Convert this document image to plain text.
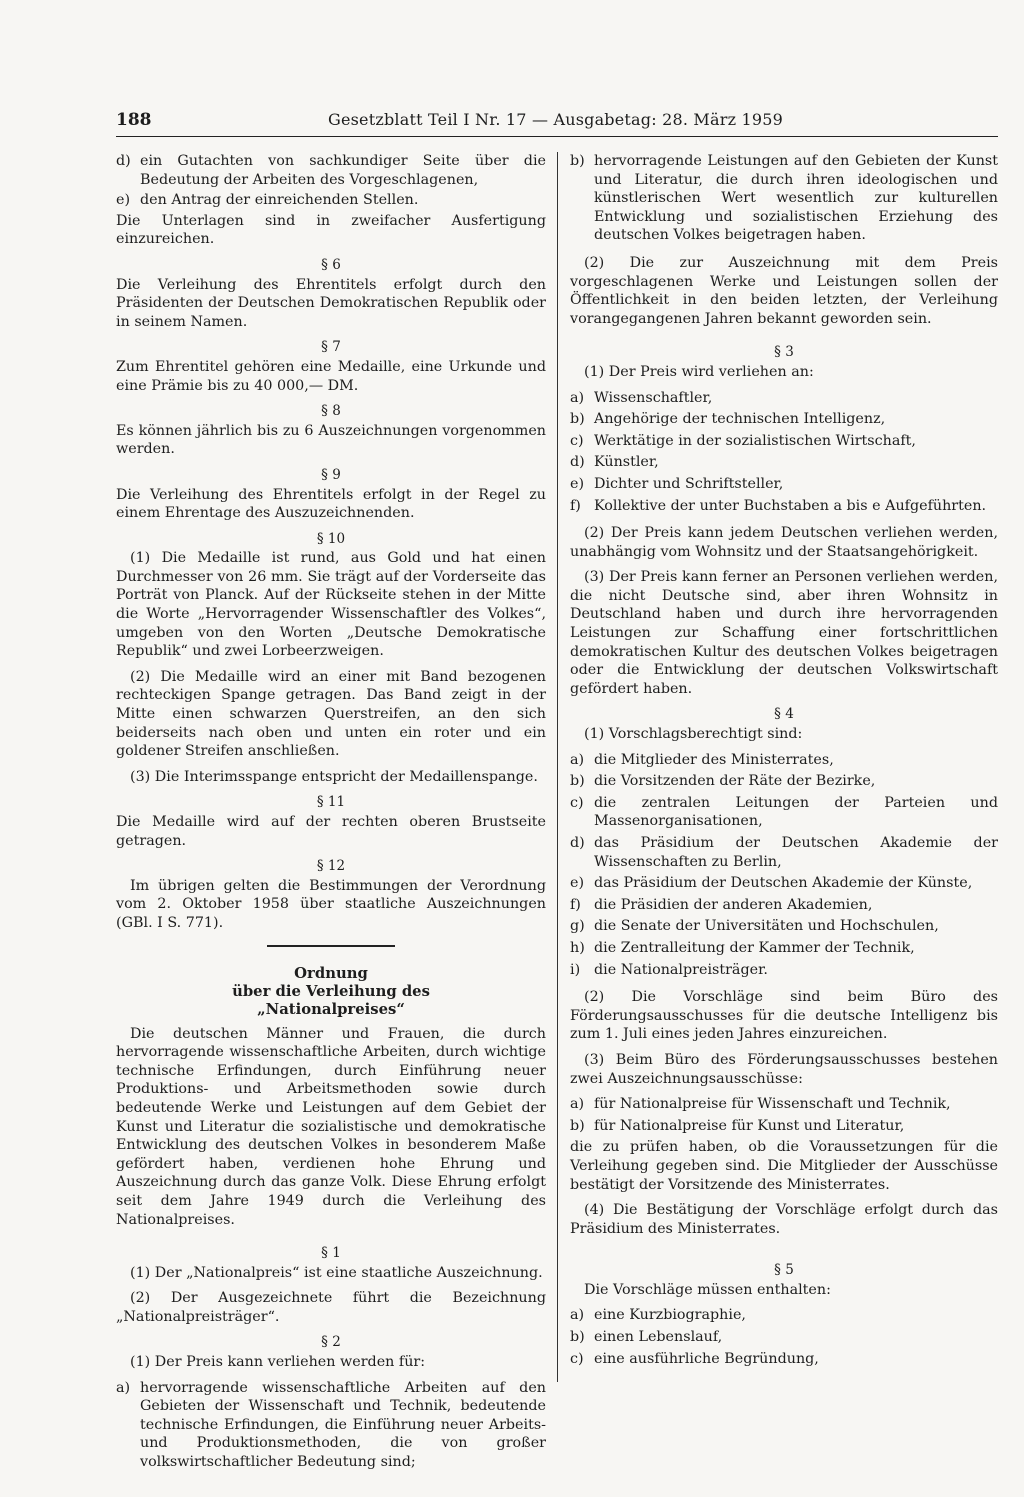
188	Gesetzblatt Teil I Nr. 17 — Ausgabetag: 28. März 1959
d) ein Gutachten von sachkundiger Seite über die Bedeutung der Arbeiten des Vorgeschlagenen,
e) den Antrag der einreichenden Stellen.

Die Unterlagen sind in zweifacher Ausfertigung einzureichen.

§ 6

Die Verleihung des Ehrentitels erfolgt durch den Präsidenten der Deutschen Demokratischen Republik oder in seinem Namen.

§ 7

Zum Ehrentitel gehören eine Medaille, eine Urkunde und eine Prämie bis zu 40 000,— DM.

§ 8

Es können jährlich bis zu 6 Auszeichnungen vorgenommen werden.

§ 9

Die Verleihung des Ehrentitels erfolgt in der Regel zu einem Ehrentage des Auszuzeichnenden.

§ 10

(1) Die Medaille ist rund, aus Gold und hat einen Durchmesser von 26 mm. Sie trägt auf der Vorderseite das Porträt von Planck. Auf der Rückseite stehen in der Mitte die Worte „Hervorragender Wissenschaftler des Volkes“, umgeben von den Worten „Deutsche Demokratische Republik“ und zwei Lorbeerzweigen.

(2) Die Medaille wird an einer mit Band bezogenen rechteckigen Spange getragen. Das Band zeigt in der Mitte einen schwarzen Querstreifen, an den sich beiderseits nach oben und unten ein roter und ein goldener Streifen anschließen.

(3) Die Interimsspange entspricht der Medaillenspange.

§ 11

Die Medaille wird auf der rechten oberen Brustseite getragen.

§ 12

Im übrigen gelten die Bestimmungen der Verordnung vom 2. Oktober 1958 über staatliche Auszeichnungen (GBl. I S. 771).

Ordnung
über die Verleihung des
„Nationalpreises“

Die deutschen Männer und Frauen, die durch hervorragende wissenschaftliche Arbeiten, durch wichtige technische Erfindungen, durch Einführung neuer Produktions- und Arbeitsmethoden sowie durch bedeutende Werke und Leistungen auf dem Gebiet der Kunst und Literatur die sozialistische und demokratische Entwicklung des deutschen Volkes in besonderem Maße gefördert haben, verdienen hohe Ehrung und Auszeichnung durch das ganze Volk. Diese Ehrung erfolgt seit dem Jahre 1949 durch die Verleihung des Nationalpreises.

§ 1

(1) Der „Nationalpreis“ ist eine staatliche Auszeichnung.

(2) Der Ausgezeichnete führt die Bezeichnung „Nationalpreisträger“.

§ 2

(1) Der Preis kann verliehen werden für:

a) hervorragende wissenschaftliche Arbeiten auf den Gebieten der Wissenschaft und Technik, bedeutende technische Erfindungen, die Einführung neuer Arbeits- und Produktionsmethoden, die von großer volkswirtschaftlicher Bedeutung sind;
b) hervorragende Leistungen auf den Gebieten der Kunst und Literatur, die durch ihren ideologischen und künstlerischen Wert wesentlich zur kulturellen Entwicklung und sozialistischen Erziehung des deutschen Volkes beigetragen haben.

(2) Die zur Auszeichnung mit dem Preis vorgeschlagenen Werke und Leistungen sollen der Öffentlichkeit in den beiden letzten, der Verleihung vorangegangenen Jahren bekannt geworden sein.

§ 3

(1) Der Preis wird verliehen an:

a) Wissenschaftler,
b) Angehörige der technischen Intelligenz,
c) Werktätige in der sozialistischen Wirtschaft,
d) Künstler,
e) Dichter und Schriftsteller,
f) Kollektive der unter Buchstaben a bis e Aufgeführten.

(2) Der Preis kann jedem Deutschen verliehen werden, unabhängig vom Wohnsitz und der Staatsangehörigkeit.

(3) Der Preis kann ferner an Personen verliehen werden, die nicht Deutsche sind, aber ihren Wohnsitz in Deutschland haben und durch ihre hervorragenden Leistungen zur Schaffung einer fortschrittlichen demokratischen Kultur des deutschen Volkes beigetragen oder die Entwicklung der deutschen Volkswirtschaft gefördert haben.

§ 4

(1) Vorschlagsberechtigt sind:

a) die Mitglieder des Ministerrates,
b) die Vorsitzenden der Räte der Bezirke,
c) die zentralen Leitungen der Parteien und Massenorganisationen,
d) das Präsidium der Deutschen Akademie der Wissenschaften zu Berlin,
e) das Präsidium der Deutschen Akademie der Künste,
f) die Präsidien der anderen Akademien,
g) die Senate der Universitäten und Hochschulen,
h) die Zentralleitung der Kammer der Technik,
i) die Nationalpreisträger.

(2) Die Vorschläge sind beim Büro des Förderungsausschusses für die deutsche Intelligenz bis zum 1. Juli eines jeden Jahres einzureichen.

(3) Beim Büro des Förderungsausschusses bestehen zwei Auszeichnungsausschüsse:

a) für Nationalpreise für Wissenschaft und Technik,
b) für Nationalpreise für Kunst und Literatur,

die zu prüfen haben, ob die Voraussetzungen für die Verleihung gegeben sind. Die Mitglieder der Ausschüsse bestätigt der Vorsitzende des Ministerrates.

(4) Die Bestätigung der Vorschläge erfolgt durch das Präsidium des Ministerrates.

§ 5

Die Vorschläge müssen enthalten:

a) eine Kurzbiographie,
b) einen Lebenslauf,
c) eine ausführliche Begründung,
